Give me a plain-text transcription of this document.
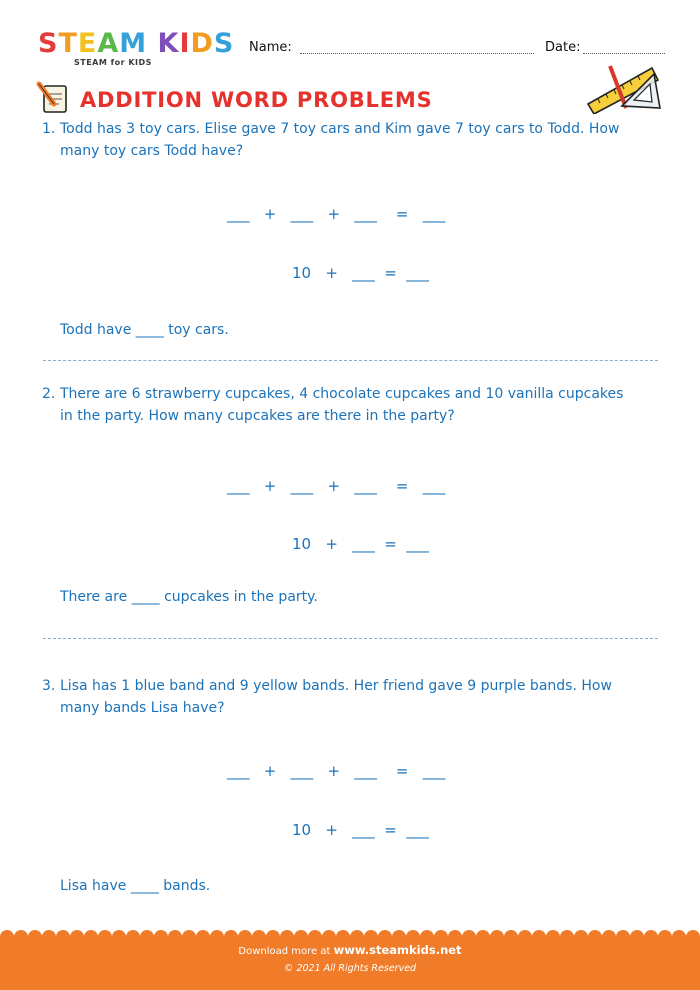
STEAM KIDS
STEAM for KIDS
Name:	Date:
ADDITION WORD PROBLEMS
1. Todd has 3 toy cars. Elise gave 7 toy cars and Kim gave 7 toy cars to Todd. How
many toy cars Todd have?
___   +   ___   +   ___    =   ___
10   +   ___  =  ___
Todd have ____ toy cars.
2. There are 6 strawberry cupcakes, 4 chocolate cupcakes and 10 vanilla cupcakes
in the party. How many cupcakes are there in the party?
___   +   ___   +   ___    =   ___
10   +   ___  =  ___
There are ____ cupcakes in the party.
3. Lisa has 1 blue band and 9 yellow bands. Her friend gave 9 purple bands. How
many bands Lisa have?
___   +   ___   +   ___    =   ___
10   +   ___  =  ___
Lisa have ____ bands.
Download more at www.steamkids.net
© 2021 All Rights Reserved
